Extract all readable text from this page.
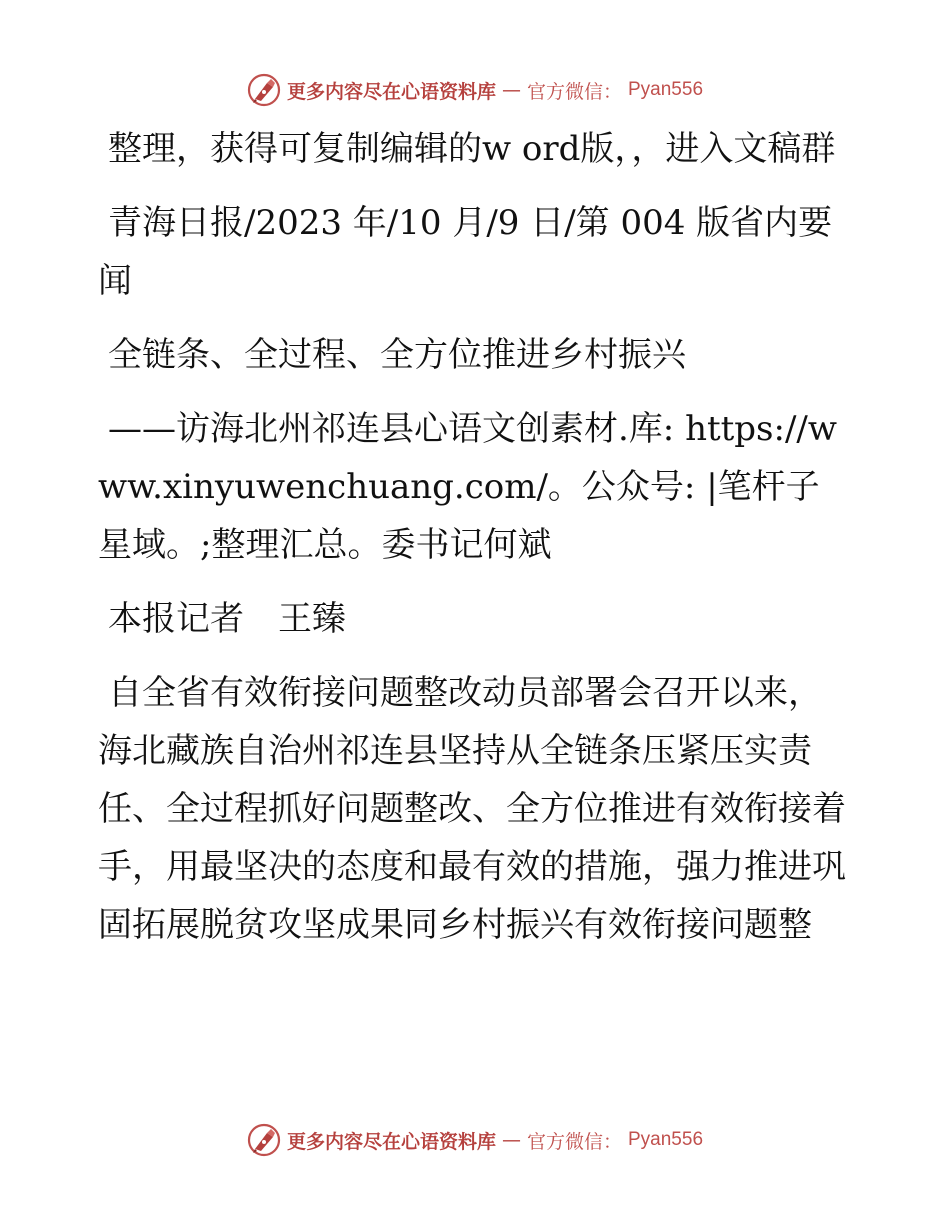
更多内容尽在心语资料库 — 官方微信： Pyan556

整理，获得可复制编辑的w ord版，，进入文稿群

青海日报/2023 年/10 月/9 日/第 004 版省内要闻

全链条、全过程、全方位推进乡村振兴

——访海北州祁连县心语文创素材.库: https://www.xinyuwenchuang.com/。公众号: |笔杆子星域。;整理汇总。委书记何斌

本报记者　王臻

自全省有效衔接问题整改动员部署会召开以来，海北藏族自治州祁连县坚持从全链条压紧压实责任、全过程抓好问题整改、全方位推进有效衔接着手，用最坚决的态度和最有效的措施，强力推进巩固拓展脱贫攻坚成果同乡村振兴有效衔接问题整

更多内容尽在心语资料库 — 官方微信： Pyan556
